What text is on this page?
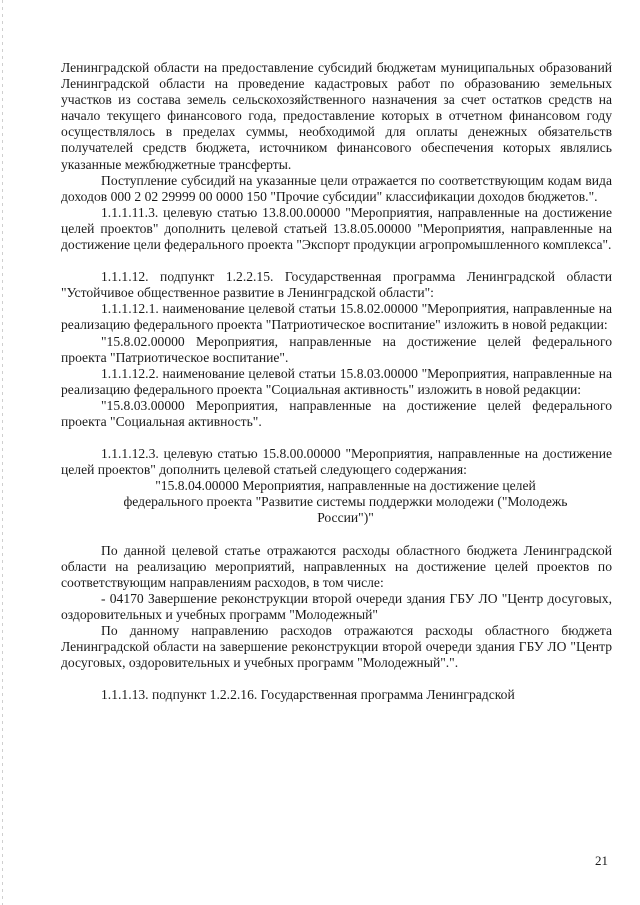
Ленинградской области на предоставление субсидий бюджетам муниципальных образований Ленинградской области на проведение кадастровых работ по образованию земельных участков из состава земель сельскохозяйственного назначения за счет остатков средств на начало текущего финансового года, предоставление которых в отчетном финансовом году осуществлялось в пределах суммы, необходимой для оплаты денежных обязательств получателей средств бюджета, источником финансового обеспечения которых являлись указанные межбюджетные трансферты.

Поступление субсидий на указанные цели отражается по соответствующим кодам вида доходов 000 2 02 29999 00 0000 150 "Прочие субсидии" классификации доходов бюджетов.".

1.1.1.11.3. целевую статью 13.8.00.00000 "Мероприятия, направленные на достижение целей проектов" дополнить целевой статьей 13.8.05.00000 "Мероприятия, направленные на достижение цели федерального проекта "Экспорт продукции агропромышленного комплекса".

1.1.1.12. подпункт 1.2.2.15. Государственная программа Ленинградской области "Устойчивое общественное развитие в Ленинградской области":

1.1.1.12.1. наименование целевой статьи 15.8.02.00000 "Мероприятия, направленные на реализацию федерального проекта "Патриотическое воспитание" изложить в новой редакции:

"15.8.02.00000 Мероприятия, направленные на достижение целей федерального проекта "Патриотическое воспитание".

1.1.1.12.2. наименование целевой статьи 15.8.03.00000 "Мероприятия, направленные на реализацию федерального проекта "Социальная активность" изложить в новой редакции:

"15.8.03.00000 Мероприятия, направленные на достижение целей федерального проекта "Социальная активность".

1.1.1.12.3. целевую статью 15.8.00.00000 "Мероприятия, направленные на достижение целей проектов" дополнить целевой статьей следующего содержания:

"15.8.04.00000 Мероприятия, направленные на достижение целей федерального проекта "Развитие системы поддержки молодежи ("Молодежь России")"

По данной целевой статье отражаются расходы областного бюджета Ленинградской области на реализацию мероприятий, направленных на достижение целей проектов по соответствующим направлениям расходов, в том числе:

- 04170 Завершение реконструкции второй очереди здания ГБУ ЛО "Центр досуговых, оздоровительных и учебных программ "Молодежный"

По данному направлению расходов отражаются расходы областного бюджета Ленинградской области на завершение реконструкции второй очереди здания ГБУ ЛО "Центр досуговых, оздоровительных и учебных программ "Молодежный".".

1.1.1.13. подпункт 1.2.2.16. Государственная программа Ленинградской

21
